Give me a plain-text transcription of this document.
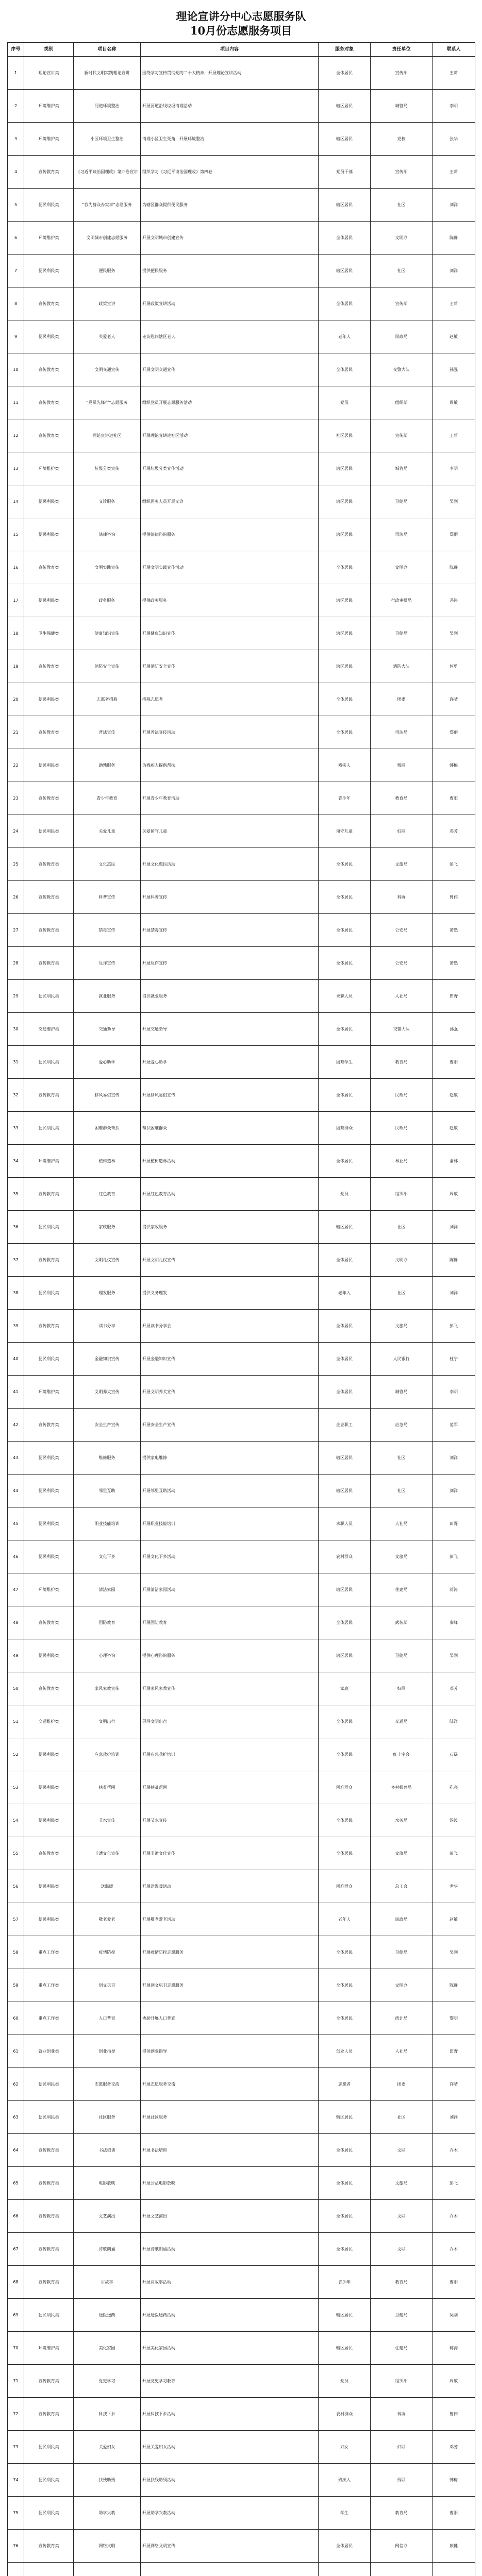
理论宣讲分中心志愿服务队
10月份志愿服务项目
序号	类别	项目名称	项目内容	服务对象	责任单位	联系人
1	理论宣讲类	新时代文明实践理论宣讲	围绕学习宣传贯彻党的二十大精神，开展理论宣讲活动	全体居民	宣传部	王莉
2	环境维护类	河道环境整治	开展河道沿线垃圾清理活动	辖区居民	城管局	李明
3	环境维护类	小区环境卫生整治	清理小区卫生死角，开展环境整治	辖区居民	党校	张华
4	宣传教育类	《习近平谈治国理政》第四卷宣讲	组织学习《习近平谈治国理政》第四卷	党员干部	宣传部	王莉
5	便民利民类	“我为群众办实事”志愿服务	为辖区群众提供便民服务	辖区居民	社区	刘洋
6	环境维护类	文明城市创建志愿服务	开展文明城市创建宣传	全体居民	文明办	陈静
7	便民利民类	便民服务	提供便民服务	辖区居民	社区	刘洋
8	宣传教育类	政策宣讲	开展政策宣讲活动	全体居民	宣传部	王莉
9	便民利民类	关爱老人	走访慰问辖区老人	老年人	民政局	赵敏
10	宣传教育类	文明交通宣传	开展文明交通宣传	全体居民	交警大队	孙强
11	宣传教育类	“党员先锋行”志愿服务	组织党员开展志愿服务活动	党员	组织部	周敏
12	宣传教育类	理论宣讲进社区	开展理论宣讲进社区活动	社区居民	宣传部	王莉
13	环境维护类	垃圾分类宣传	开展垃圾分类宣传活动	辖区居民	城管局	李明
14	便民利民类	义诊服务	组织医务人员开展义诊	辖区居民	卫健局	吴刚
15	便民利民类	法律咨询	提供法律咨询服务	辖区居民	司法局	郑丽
16	宣传教育类	文明实践宣传	开展文明实践宣传活动	全体居民	文明办	陈静
17	便民利民类	政务服务	提供政务服务	辖区居民	行政审批局	冯涛
18	卫生保健类	健康知识宣传	开展健康知识宣传	辖区居民	卫健局	吴刚
19	宣传教育类	消防安全宣传	开展消防安全宣传	辖区居民	消防大队	何勇
20	便民利民类	志愿者招募	招募志愿者	全体居民	团委	许晴
21	宣传教育类	普法宣传	开展普法宣传活动	全体居民	司法局	郑丽
22	便民利民类	助残服务	为残疾人提供帮扶	残疾人	残联	韩梅
23	宣传教育类	青少年教育	开展青少年教育活动	青少年	教育局	曹阳
24	便民利民类	关爱儿童	关爱留守儿童	留守儿童	妇联	邓芳
25	宣传教育类	文化惠民	开展文化惠民活动	全体居民	文旅局	彭飞
26	宣传教育类	科普宣传	开展科普宣传	全体居民	科协	曾伟
27	宣传教育类	禁毒宣传	开展禁毒宣传	全体居民	公安局	萧然
28	宣传教育类	反诈宣传	开展反诈宣传	全体居民	公安局	萧然
29	便民利民类	就业服务	提供就业服务	求职人员	人社局	田野
30	交通维护类	交通劝导	开展交通劝导	全体居民	交警大队	孙强
31	便民利民类	爱心助学	开展爱心助学	困难学生	教育局	曹阳
32	宣传教育类	移风易俗宣传	开展移风易俗宣传	全体居民	民政局	赵敏
33	便民利民类	困难群众帮扶	帮扶困难群众	困难群众	民政局	赵敏
34	环境维护类	植树造林	开展植树造林活动	全体居民	林业局	潘林
35	宣传教育类	红色教育	开展红色教育活动	党员	组织部	周敏
36	便民利民类	家政服务	提供家政服务	辖区居民	社区	刘洋
37	宣传教育类	文明礼仪宣传	开展文明礼仪宣传	全体居民	文明办	陈静
38	便民利民类	理发服务	提供义务理发	老年人	社区	刘洋
39	宣传教育类	读书分享	开展读书分享会	全体居民	文旅局	彭飞
40	便民利民类	金融知识宣传	开展金融知识宣传	全体居民	人民银行	杜宁
41	环境维护类	文明养犬宣传	开展文明养犬宣传	全体居民	城管局	李明
42	宣传教育类	安全生产宣传	开展安全生产宣传	企业职工	应急局	范军
43	便民利民类	维修服务	提供家电维修	辖区居民	社区	刘洋
44	便民利民类	邻里互助	开展邻里互助活动	辖区居民	社区	刘洋
45	便民利民类	职业技能培训	开展职业技能培训	求职人员	人社局	田野
46	便民利民类	文化下乡	开展文化下乡活动	农村群众	文旅局	彭飞
47	环境维护类	清洁家园	开展清洁家园活动	辖区居民	住建局	蒋涛
48	宣传教育类	国防教育	开展国防教育	全体居民	武装部	秦峰
49	便民利民类	心理咨询	提供心理咨询服务	辖区居民	卫健局	吴刚
50	宣传教育类	家风家教宣传	开展家风家教宣传	家庭	妇联	邓芳
51	交通维护类	文明出行	倡导文明出行	全体居民	交通局	陆洋
52	便民利民类	应急救护培训	开展应急救护培训	全体居民	红十字会	石磊
53	便民利民类	扶贫帮困	开展扶贫帮困	困难群众	乡村振兴局	孔亮
54	便民利民类	节水宣传	开展节水宣传	全体居民	水务局	汤波
55	宣传教育类	非遗文化宣传	开展非遗文化宣传	全体居民	文旅局	彭飞
56	便民利民类	送温暖	开展送温暖活动	困难群众	总工会	尹华
57	便民利民类	敬老爱老	开展敬老爱老活动	老年人	民政局	赵敏
58	重点工作类	疫情防控	开展疫情防控志愿服务	全体居民	卫健局	吴刚
59	重点工作类	创文巩卫	开展创文巩卫志愿服务	全体居民	文明办	陈静
60	重点工作类	人口普查	协助开展人口普查	全体居民	统计局	黎明
61	就业创业类	创业指导	提供创业指导	创业人员	人社局	田野
62	便民利民类	志愿服务交流	开展志愿服务交流	志愿者	团委	许晴
63	便民利民类	社区服务	开展社区服务	辖区居民	社区	刘洋
64	宣传教育类	书法培训	开展书法培训	全体居民	文联	乔木
65	宣传教育类	电影放映	开展公益电影放映	全体居民	文旅局	彭飞
66	宣传教育类	文艺演出	开展文艺演出	全体居民	文联	乔木
67	宣传教育类	诗歌朗诵	开展诗歌朗诵活动	全体居民	文联	乔木
68	宣传教育类	讲故事	开展讲故事活动	青少年	教育局	曹阳
69	便民利民类	送医送药	开展送医送药活动	辖区居民	卫健局	吴刚
70	环境维护类	美化家园	开展美化家园活动	辖区居民	住建局	蒋涛
71	宣传教育类	党史学习	开展党史学习教育	党员	组织部	周敏
72	宣传教育类	科技下乡	开展科技下乡活动	农村群众	科协	曾伟
73	便民利民类	关爱妇女	开展关爱妇女活动	妇女	妇联	邓芳
74	便民利民类	扶残助残	开展扶残助残活动	残疾人	残联	韩梅
75	便民利民类	助学兴教	开展助学兴教活动	学生	教育局	曹阳
76	宣传教育类	网络文明	开展网络文明宣传	全体居民	网信办	康健
